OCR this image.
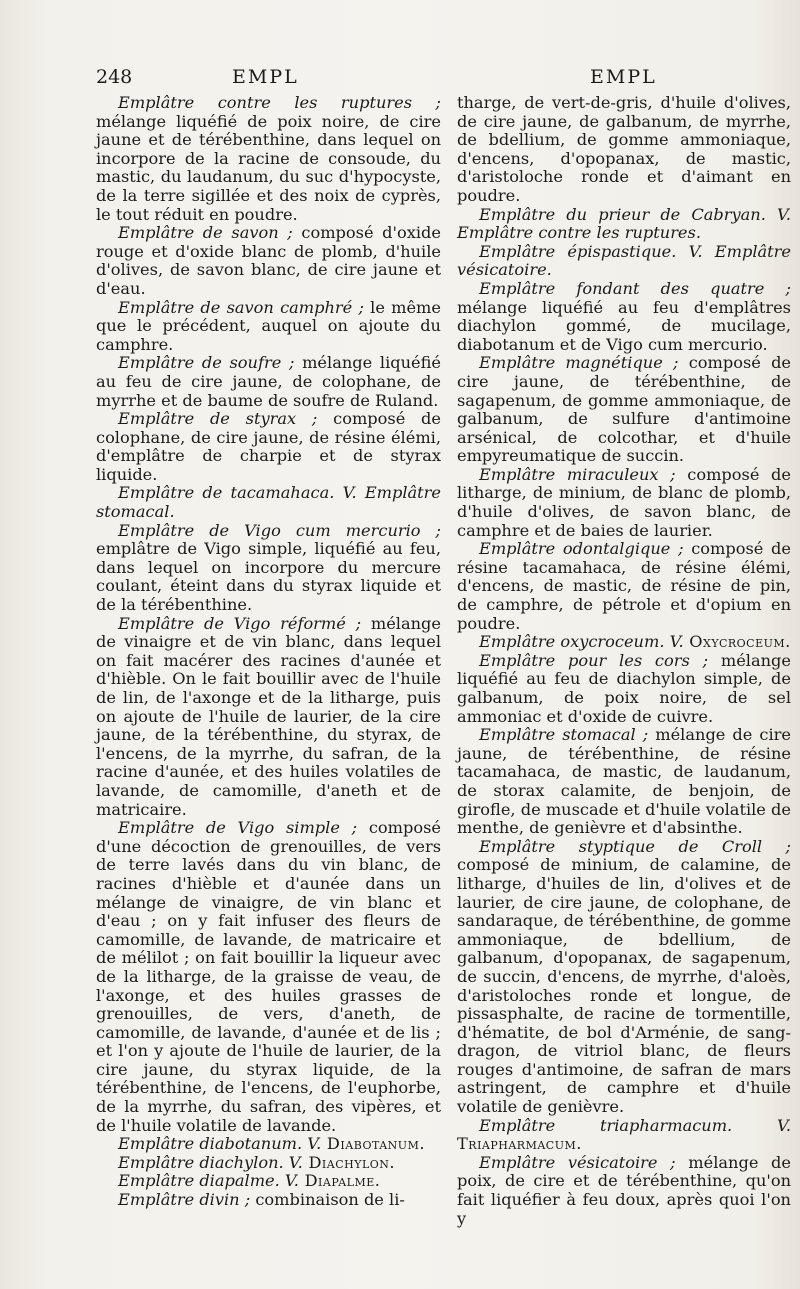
248	EMPL	EMPL

Emplâtre contre les ruptures ; mélange liquéfié de poix noire, de cire jaune et de térébenthine, dans lequel on incorpore de la racine de consoude, du mastic, du laudanum, du suc d'hypocyste, de la terre sigillée et des noix de cyprès, le tout réduit en poudre.

Emplâtre de savon ; composé d'oxide rouge et d'oxide blanc de plomb, d'huile d'olives, de savon blanc, de cire jaune et d'eau.

Emplâtre de savon camphré ; le même que le précédent, auquel on ajoute du camphre.

Emplâtre de soufre ; mélange liquéfié au feu de cire jaune, de colophane, de myrrhe et de baume de soufre de Ruland.

Emplâtre de styrax ; composé de colophane, de cire jaune, de résine élémi, d'emplâtre de charpie et de styrax liquide.

Emplâtre de tacamahaca. V. Emplâtre stomacal.

Emplâtre de Vigo cum mercurio ; emplâtre de Vigo simple, liquéfié au feu, dans lequel on incorpore du mercure coulant, éteint dans du styrax liquide et de la térébenthine.

Emplâtre de Vigo réformé ; mélange de vinaigre et de vin blanc, dans lequel on fait macérer des racines d'aunée et d'hièble. On le fait bouillir avec de l'huile de lin, de l'axonge et de la litharge, puis on ajoute de l'huile de laurier, de la cire jaune, de la térébenthine, du styrax, de l'encens, de la myrrhe, du safran, de la racine d'aunée, et des huiles volatiles de lavande, de camomille, d'aneth et de matricaire.

Emplâtre de Vigo simple ; composé d'une décoction de grenouilles, de vers de terre lavés dans du vin blanc, de racines d'hièble et d'aunée dans un mélange de vinaigre, de vin blanc et d'eau ; on y fait infuser des fleurs de camomille, de lavande, de matricaire et de mélilot ; on fait bouillir la liqueur avec de la litharge, de la graisse de veau, de l'axonge, et des huiles grasses de grenouilles, de vers, d'aneth, de camomille, de lavande, d'aunée et de lis ; et l'on y ajoute de l'huile de laurier, de la cire jaune, du styrax liquide, de la térébenthine, de l'encens, de l'euphorbe, de la myrrhe, du safran, des vipères, et de l'huile volatile de lavande.

Emplâtre diabotanum. V. Diabotanum.

Emplâtre diachylon. V. Diachylon.

Emplâtre diapalme. V. Diapalme.

Emplâtre divin ; combinaison de li-

tharge, de vert-de-gris, d'huile d'olives, de cire jaune, de galbanum, de myrrhe, de bdellium, de gomme ammoniaque, d'encens, d'opopanax, de mastic, d'aristoloche ronde et d'aimant en poudre.

Emplâtre du prieur de Cabryan. V. Emplâtre contre les ruptures.

Emplâtre épispastique. V. Emplâtre vésicatoire.

Emplâtre fondant des quatre ; mélange liquéfié au feu d'emplâtres diachylon gommé, de mucilage, diabotanum et de Vigo cum mercurio.

Emplâtre magnétique ; composé de cire jaune, de térébenthine, de sagapenum, de gomme ammoniaque, de galbanum, de sulfure d'antimoine arsénical, de colcothar, et d'huile empyreumatique de succin.

Emplâtre miraculeux ; composé de litharge, de minium, de blanc de plomb, d'huile d'olives, de savon blanc, de camphre et de baies de laurier.

Emplâtre odontalgique ; composé de résine tacamahaca, de résine élémi, d'encens, de mastic, de résine de pin, de camphre, de pétrole et d'opium en poudre.

Emplâtre oxycroceum. V. Oxycroceum.

Emplâtre pour les cors ; mélange liquéfié au feu de diachylon simple, de galbanum, de poix noire, de sel ammoniac et d'oxide de cuivre.

Emplâtre stomacal ; mélange de cire jaune, de térébenthine, de résine tacamahaca, de mastic, de laudanum, de storax calamite, de benjoin, de girofle, de muscade et d'huile volatile de menthe, de genièvre et d'absinthe.

Emplâtre styptique de Croll ; composé de minium, de calamine, de litharge, d'huiles de lin, d'olives et de laurier, de cire jaune, de colophane, de sandaraque, de térébenthine, de gomme ammoniaque, de bdellium, de galbanum, d'opopanax, de sagapenum, de succin, d'encens, de myrrhe, d'aloès, d'aristoloches ronde et longue, de pissasphalte, de racine de tormentille, d'hématite, de bol d'Arménie, de sang-dragon, de vitriol blanc, de fleurs rouges d'antimoine, de safran de mars astringent, de camphre et d'huile volatile de genièvre.

Emplâtre triapharmacum. V. Triapharmacum.

Emplâtre vésicatoire ; mélange de poix, de cire et de térébenthine, qu'on fait liquéfier à feu doux, après quoi l'on y
